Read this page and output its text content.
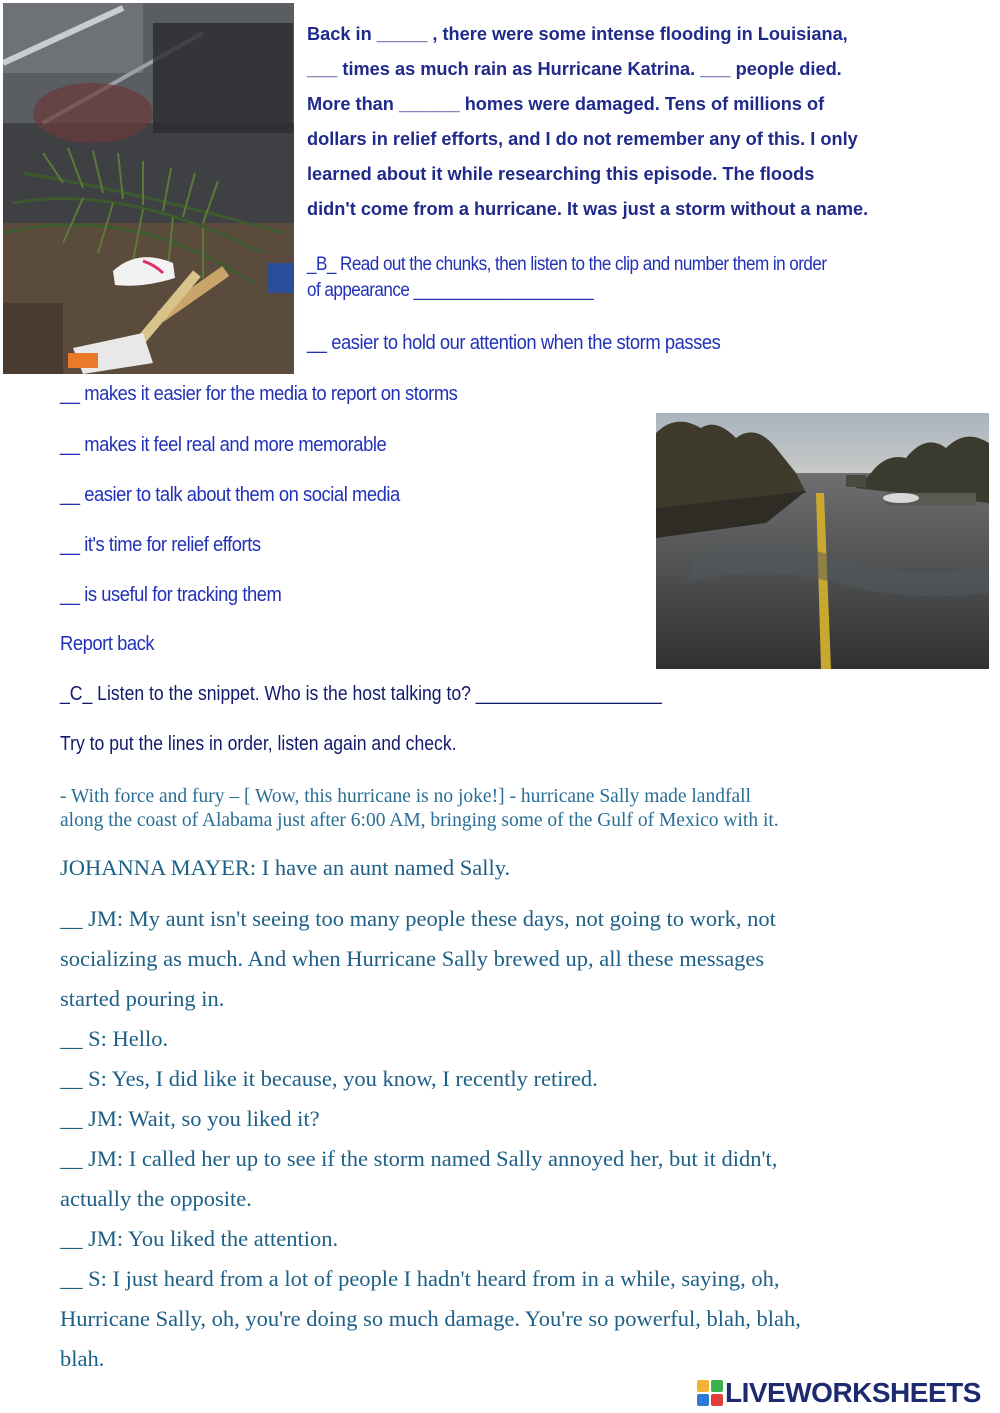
Back in _____ , there were some intense flooding in Louisiana,

___ times as much rain as Hurricane Katrina. ___ people died.

More than ______ homes were damaged. Tens of millions of

dollars in relief efforts, and I do not remember any of this. I only

learned about it while researching this episode. The floods

didn't come from a hurricane. It was just a storm without a name.

_B_ Read out the chunks, then listen to the clip and number them in order
of appearance ____________________
__ easier to hold our attention when the storm passes
__ makes it easier for the media to report on storms
__ makes it feel real and more memorable
__ easier to talk about them on social media
__ it's time for relief efforts
__ is useful for tracking them
Report back
_C_ Listen to the snippet. Who is the host talking to? ___________________
Try to put the lines in order, listen again and check.
- With force and fury – [ Wow, this hurricane is no joke!] - hurricane Sally made landfall
along the coast of Alabama just after 6:00 AM, bringing some of the Gulf of Mexico with it.
JOHANNA MAYER: I have an aunt named Sally.
__ JM: My aunt isn't seeing too many people these days, not going to work, not
socializing as much. And when Hurricane Sally brewed up, all these messages
started pouring in.
__ S: Hello.
__ S: Yes, I did like it because, you know, I recently retired.
__ JM: Wait, so you liked it?
__ JM: I called her up to see if the storm named Sally annoyed her, but it didn't,
actually the opposite.
__ JM: You liked the attention.
__ S: I just heard from a lot of people I hadn't heard from in a while, saying, oh,
Hurricane Sally, oh, you're doing so much damage. You're so powerful, blah, blah,
blah.
LIVEWORKSHEETS
